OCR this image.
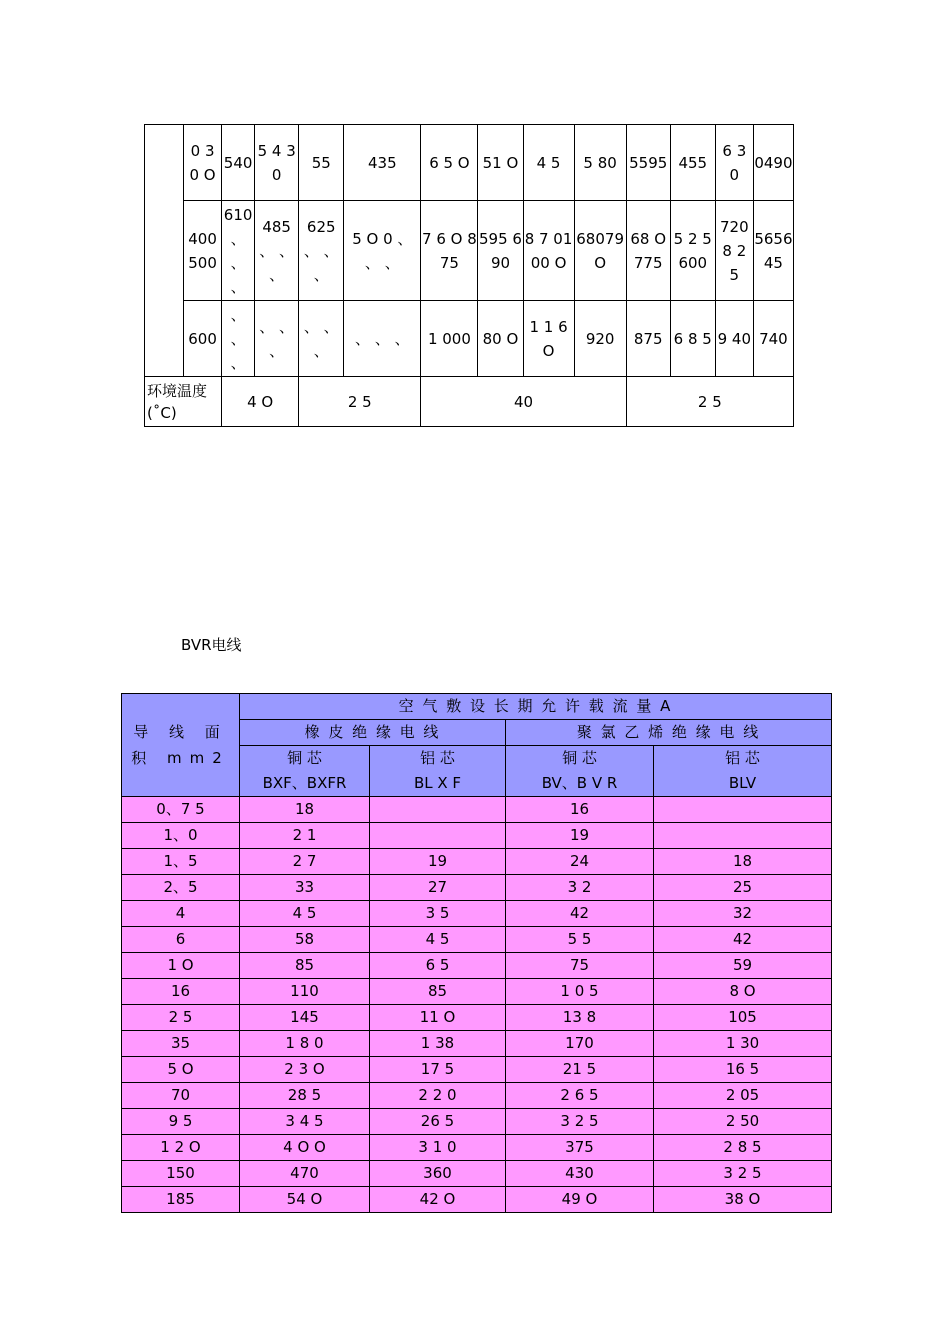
	0 3 0 O	540	5 4 3 0	55	435	6 5 O	51 O	4 5	5 80	5595	455	6 3 0	0490
	400 500	610 、 、 、	485 、 、 、	625 、 、 、	5 O 0 、 、 、	7 6 O 875	595 690	8 7 0100 O	68079 O	68 O 775	5 2 5 600	720 8 2 5	5656 45
	600	、 、 、	、 、 、	、 、 、	、 、 、	1 000	80 O	1 1 6 O	920	875	6 8 5	9 40	740
环境温度 (˚C)		4 O		2 5		40				2 5			
BVR电线
导 线 面 积 mm2	空 气 敷 设 长 期 允 许 载 流 量 A			
	橡 皮 绝 缘 电 线		聚 氯 乙 烯 绝 缘 电 线	
	铜 芯	铝 芯	铜 芯	铝 芯
	BXF、BXFR	BL X F	BV、B V R	BLV
0、7 5	18		16	
1、0	2 1		19	
1、5	2 7	19	24	18
2、5	33	27	3 2	25
4	4 5	3 5	42	32
6	58	4 5	5 5	42
1 O	85	6 5	75	59
16	110	85	1 0 5	8 O
2 5	145	11 O	13 8	105
35	1 8 0	1 38	170	1 30
5 O	2 3 O	17 5	21 5	16 5
70	28 5	2 2 0	2 6 5	2 05
9 5	3 4 5	26 5	3 2 5	2 50
1 2 O	4 O O	3 1 0	375	2 8 5
150	470	360	430	3 2 5
185	54 O	42 O	49 O	38 O
